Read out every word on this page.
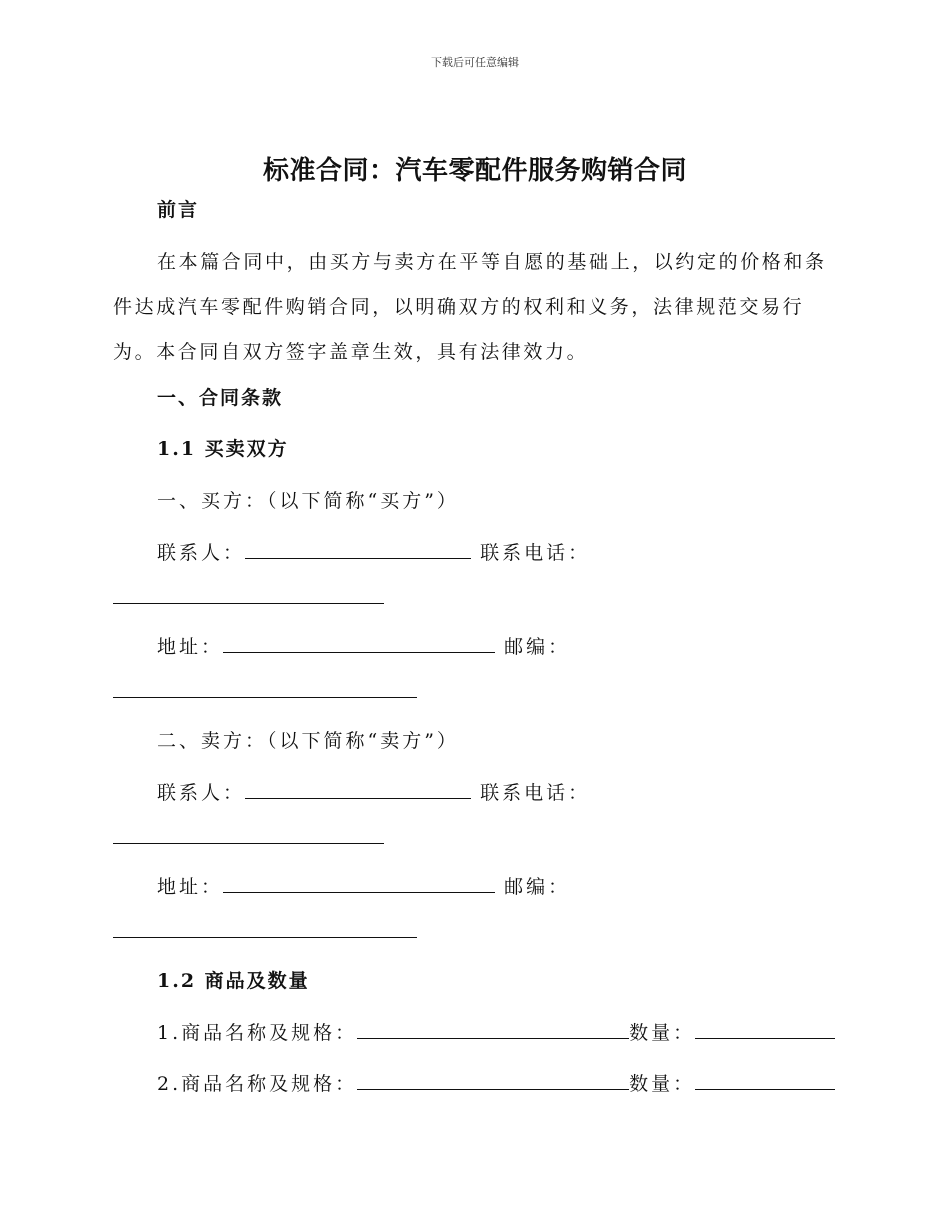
下载后可任意编辑
标准合同：汽车零配件服务购销合同
前言
在本篇合同中，由买方与卖方在平等自愿的基础上，以约定的价格和条件达成汽车零配件购销合同，以明确双方的权利和义务，法律规范交易行为。本合同自双方签字盖章生效，具有法律效力。
一、合同条款
1.1 买卖双方
一、买方：（以下简称“买方”）
联系人：	联系电话：
地址：	邮编：
二、卖方：（以下简称“卖方”）
联系人：	联系电话：
地址：	邮编：
1.2 商品及数量
1.商品名称及规格：	数量：
2.商品名称及规格：	数量：
